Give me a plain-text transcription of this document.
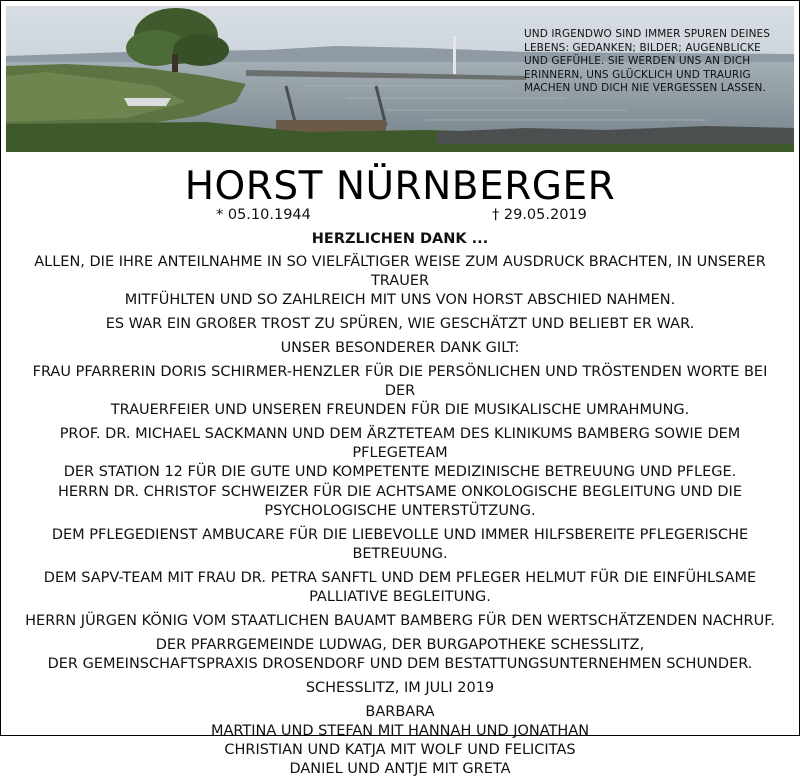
UND IRGENDWO SIND IMMER SPUREN DEINES LEBENS: GEDANKEN; BILDER; AUGENBLICKE UND GEFÜHLE. SIE WERDEN UNS AN DICH ERINNERN, UNS GLÜCKLICH UND TRAURIG MACHEN UND DICH NIE VERGESSEN LASSEN.
HORST NÜRNBERGER
* 05.10.1944	† 29.05.2019

HERZLICHEN DANK ...

ALLEN, DIE IHRE ANTEILNAHME IN SO VIELFÄLTIGER WEISE ZUM AUSDRUCK BRACHTEN, IN UNSERER TRAUER
MITFÜHLTEN UND SO ZAHLREICH MIT UNS VON HORST ABSCHIED NAHMEN.

ES WAR EIN GROßER TROST ZU SPÜREN, WIE GESCHÄTZT UND BELIEBT ER WAR.

UNSER BESONDERER DANK GILT:

FRAU PFARRERIN DORIS SCHIRMER-HENZLER FÜR DIE PERSÖNLICHEN UND TRÖSTENDEN WORTE BEI DER
TRAUERFEIER UND UNSEREN FREUNDEN FÜR DIE MUSIKALISCHE UMRAHMUNG.

PROF. DR. MICHAEL SACKMANN UND DEM ÄRZTETEAM DES KLINIKUMS BAMBERG SOWIE DEM PFLEGETEAM
DER STATION 12 FÜR DIE GUTE UND KOMPETENTE MEDIZINISCHE BETREUUNG UND PFLEGE.

HERRN DR. CHRISTOF SCHWEIZER FÜR DIE ACHTSAME ONKOLOGISCHE BEGLEITUNG UND DIE
PSYCHOLOGISCHE UNTERSTÜTZUNG.

DEM PFLEGEDIENST AMBUCARE FÜR DIE LIEBEVOLLE UND IMMER HILFSBEREITE PFLEGERISCHE BETREUUNG.

DEM SAPV-TEAM MIT FRAU DR. PETRA SANFTL UND DEM PFLEGER HELMUT FÜR DIE EINFÜHLSAME
PALLIATIVE BEGLEITUNG.

HERRN JÜRGEN KÖNIG VOM STAATLICHEN BAUAMT BAMBERG FÜR DEN WERTSCHÄTZENDEN NACHRUF.

DER PFARRGEMEINDE LUDWAG, DER BURGAPOTHEKE SCHESSLITZ,
DER GEMEINSCHAFTSPRAXIS DROSENDORF UND DEM BESTATTUNGSUNTERNEHMEN SCHUNDER.

SCHESSLITZ, IM JULI 2019

BARBARA
MARTINA UND STEFAN MIT HANNAH UND JONATHAN
CHRISTIAN UND KATJA MIT WOLF UND FELICITAS
DANIEL UND ANTJE MIT GRETA
